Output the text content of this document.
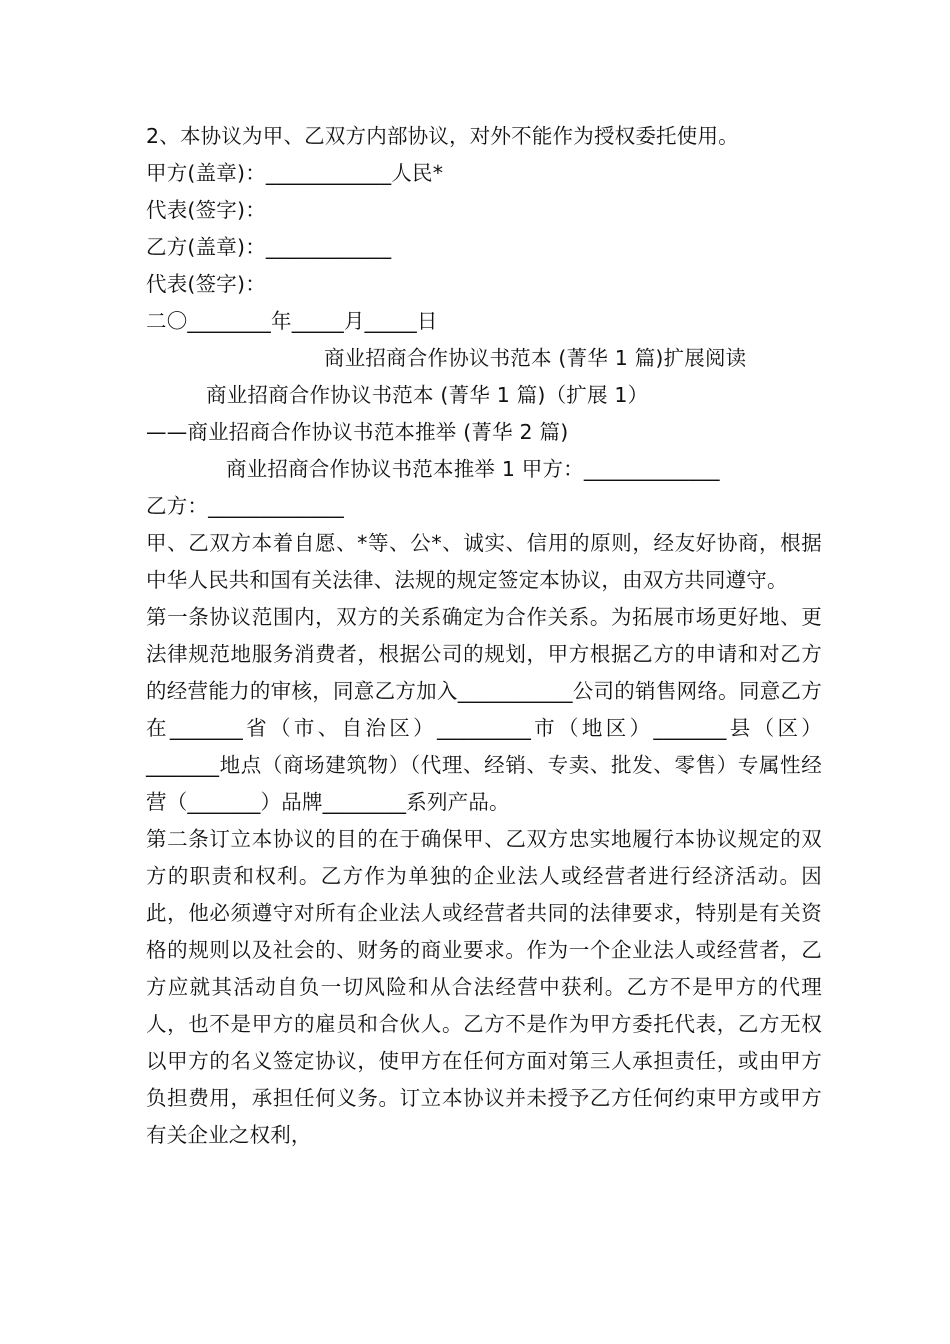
2、本协议为甲、乙双方内部协议，对外不能作为授权委托使用。
甲方(盖章)：____________人民*
代表(签字)：
乙方(盖章)：____________
代表(签字)：
二〇________年_____月_____日
商业招商合作协议书范本 (菁华 1 篇)扩展阅读
商业招商合作协议书范本 (菁华 1 篇)（扩展 1）
——商业招商合作协议书范本推举 (菁华 2 篇)
商业招商合作协议书范本推举 1 甲方：_____________
乙方：_____________
甲、乙双方本着自愿、*等、公*、诚实、信用的原则，经友好协商，根据中华人民共和国有关法律、法规的规定签定本协议，由双方共同遵守。
第一条协议范围内，双方的关系确定为合作关系。为拓展市场更好地、更法律规范地服务消费者，根据公司的规划，甲方根据乙方的申请和对乙方的经营能力的审核，同意乙方加入___________公司的销售网络。同意乙方在_______省（市、自治区）_________市（地区）_______县（区）_______地点（商场建筑物）（代理、经销、专卖、批发、零售）专属性经营（_______）品牌________系列产品。
第二条订立本协议的目的在于确保甲、乙双方忠实地履行本协议规定的双方的职责和权利。乙方作为单独的企业法人或经营者进行经济活动。因此，他必须遵守对所有企业法人或经营者共同的法律要求，特别是有关资格的规则以及社会的、财务的商业要求。作为一个企业法人或经营者，乙方应就其活动自负一切风险和从合法经营中获利。乙方不是甲方的代理人，也不是甲方的雇员和合伙人。乙方不是作为甲方委托代表，乙方无权以甲方的名义签定协议，使甲方在任何方面对第三人承担责任，或由甲方负担费用，承担任何义务。订立本协议并未授予乙方任何约束甲方或甲方有关企业之权利，
